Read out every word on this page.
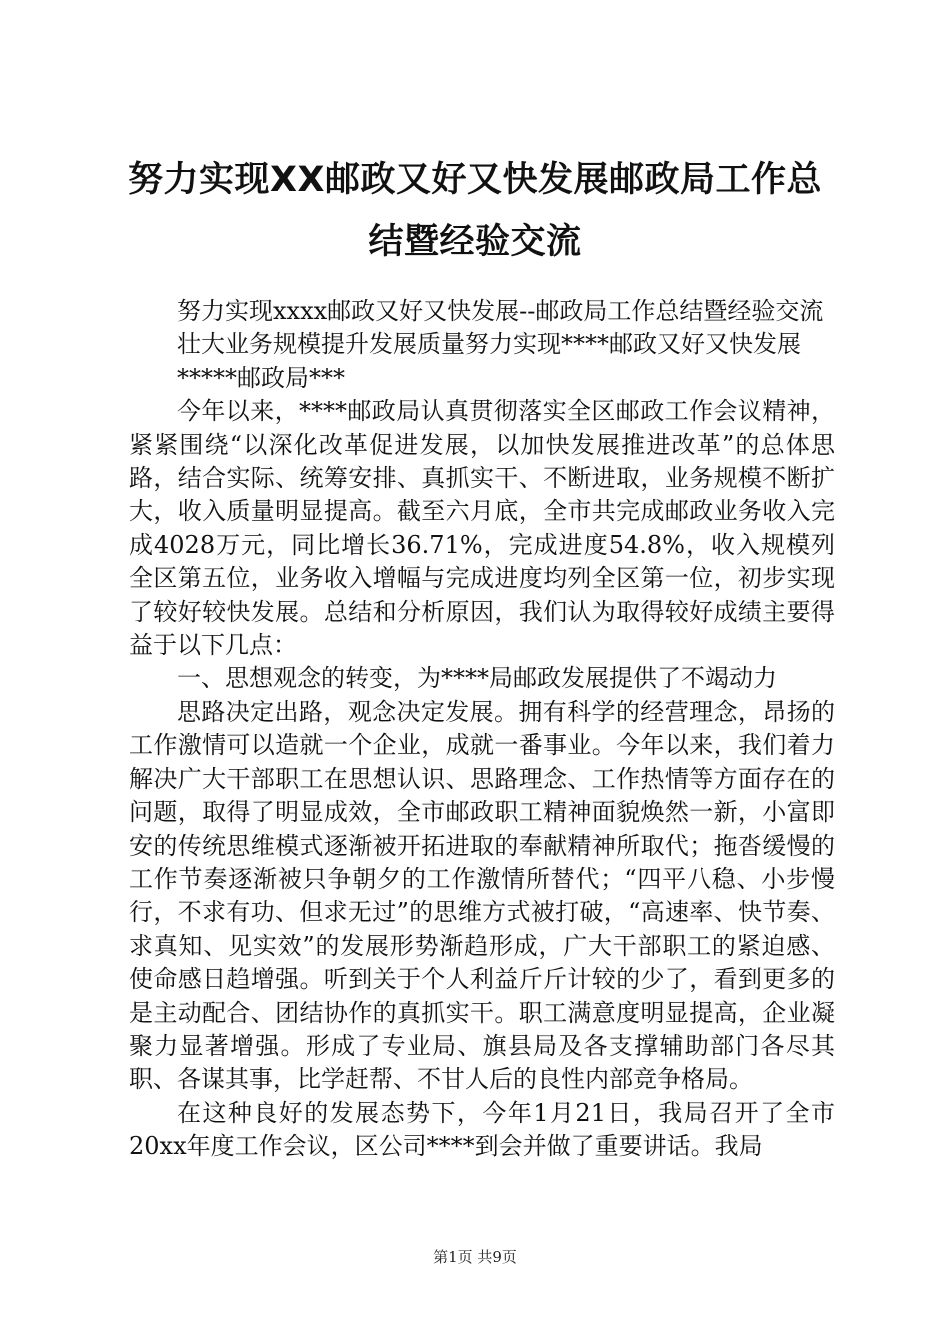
努力实现XX邮政又好又快发展邮政局工作总
结暨经验交流

努力实现xxxx邮政又好又快发展--邮政局工作总结暨经验交流

壮大业务规模提升发展质量努力实现****邮政又好又快发展

*****邮政局***

今年以来，****邮政局认真贯彻落实全区邮政工作会议精神，紧紧围绕“以深化改革促进发展，以加快发展推进改革”的总体思路，结合实际、统筹安排、真抓实干、不断进取，业务规模不断扩大，收入质量明显提高。截至六月底，全市共完成邮政业务收入完成4028万元，同比增长36.71%，完成进度54.8%，收入规模列全区第五位，业务收入增幅与完成进度均列全区第一位，初步实现了较好较快发展。总结和分析原因，我们认为取得较好成绩主要得益于以下几点：

一、思想观念的转变，为****局邮政发展提供了不竭动力

思路决定出路，观念决定发展。拥有科学的经营理念，昂扬的工作激情可以造就一个企业，成就一番事业。今年以来，我们着力解决广大干部职工在思想认识、思路理念、工作热情等方面存在的问题，取得了明显成效，全市邮政职工精神面貌焕然一新，小富即安的传统思维模式逐渐被开拓进取的奉献精神所取代；拖沓缓慢的工作节奏逐渐被只争朝夕的工作激情所替代；“四平八稳、小步慢行，不求有功、但求无过”的思维方式被打破，“高速率、快节奏、求真知、见实效”的发展形势渐趋形成，广大干部职工的紧迫感、使命感日趋增强。听到关于个人利益斤斤计较的少了，看到更多的是主动配合、团结协作的真抓实干。职工满意度明显提高，企业凝聚力显著增强。形成了专业局、旗县局及各支撑辅助部门各尽其职、各谋其事，比学赶帮、不甘人后的良性内部竞争格局。

在这种良好的发展态势下，今年1月21日，我局召开了全市20xx年度工作会议，区公司****到会并做了重要讲话。我局

第1页 共9页
